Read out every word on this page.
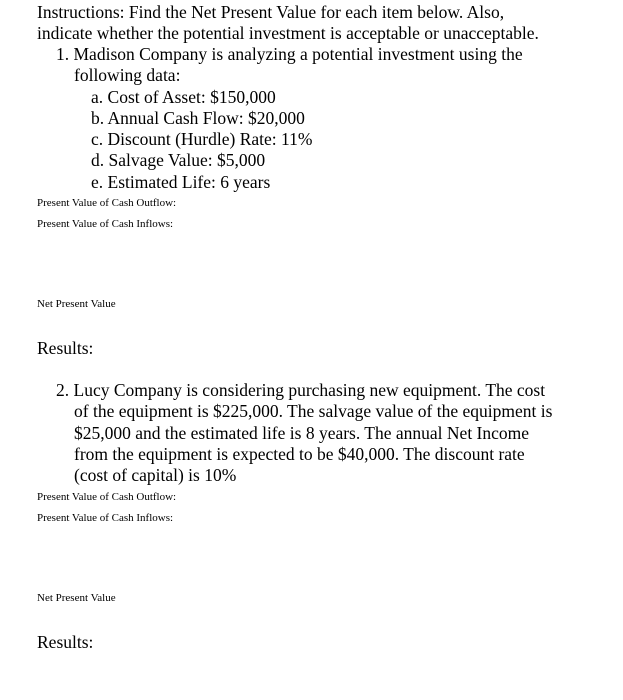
Instructions: Find the Net Present Value for each item below. Also,
indicate whether the potential investment is acceptable or unacceptable.
1. Madison Company is analyzing a potential investment using the
following data:
a. Cost of Asset: $150,000
b. Annual Cash Flow: $20,000
c. Discount (Hurdle) Rate: 11%
d. Salvage Value: $5,000
e. Estimated Life: 6 years
Present Value of Cash Outflow:
Present Value of Cash Inflows:
Net Present Value
Results:
2. Lucy Company is considering purchasing new equipment. The cost
of the equipment is $225,000. The salvage value of the equipment is
$25,000 and the estimated life is 8 years. The annual Net Income
from the equipment is expected to be $40,000. The discount rate
(cost of capital) is 10%
Present Value of Cash Outflow:
Present Value of Cash Inflows:
Net Present Value
Results:
